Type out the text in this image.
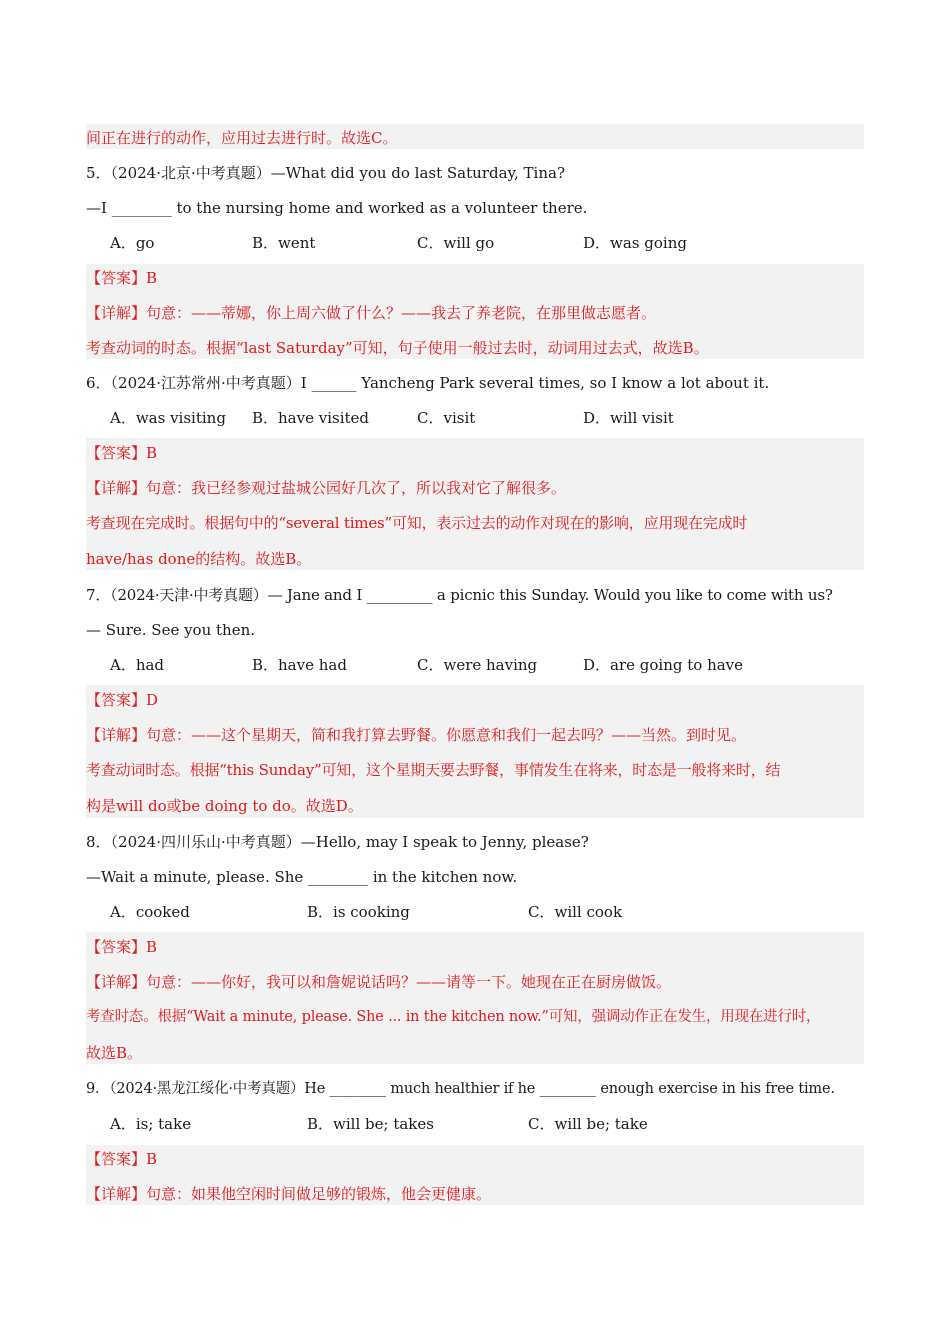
间正在进行的动作，应用过去进行时。故选C。
5．（2024·北京·中考真题）—What did you do last Saturday, Tina?
—I ________ to the nursing home and worked as a volunteer there.
A．go	B．went	C．will go	D．was going
【答案】B
【详解】句意：——蒂娜，你上周六做了什么？——我去了养老院，在那里做志愿者。
考查动词的时态。根据“last Saturday”可知，句子使用一般过去时，动词用过去式，故选B。
6．（2024·江苏常州·中考真题）I ______ Yancheng Park several times, so I know a lot about it.
A．was visiting B．have visited	C．visit	D．will visit
【答案】B
【详解】句意：我已经参观过盐城公园好几次了，所以我对它了解很多。
考查现在完成时。根据句中的“several times”可知，表示过去的动作对现在的影响，应用现在完成时
have/has done的结构。故选B。
7．（2024·天津·中考真题）— Jane and I _________ a picnic this Sunday. Would you like to come with us?
— Sure. See you then.
A．had	B．have had	C．were having	D．are going to have
【答案】D
【详解】句意：——这个星期天，简和我打算去野餐。你愿意和我们一起去吗？——当然。到时见。
考查动词时态。根据“this Sunday”可知，这个星期天要去野餐，事情发生在将来，时态是一般将来时，结
构是will do或be doing to do。故选D。
8．（2024·四川乐山·中考真题）—Hello, may I speak to Jenny, please?
—Wait a minute, please. She ________ in the kitchen now.
A．cooked	B．is cooking	C．will cook
【答案】B
【详解】句意：——你好，我可以和詹妮说话吗？——请等一下。她现在正在厨房做饭。
考查时态。根据“Wait a minute, please. She ... in the kitchen now.”可知，强调动作正在发生，用现在进行时，
故选B。
9．（2024·黑龙江绥化·中考真题）He ________ much healthier if he ________ enough exercise in his free time.
A．is; take	B．will be; takes	C．will be; take
【答案】B
【详解】句意：如果他空闲时间做足够的锻炼，他会更健康。
